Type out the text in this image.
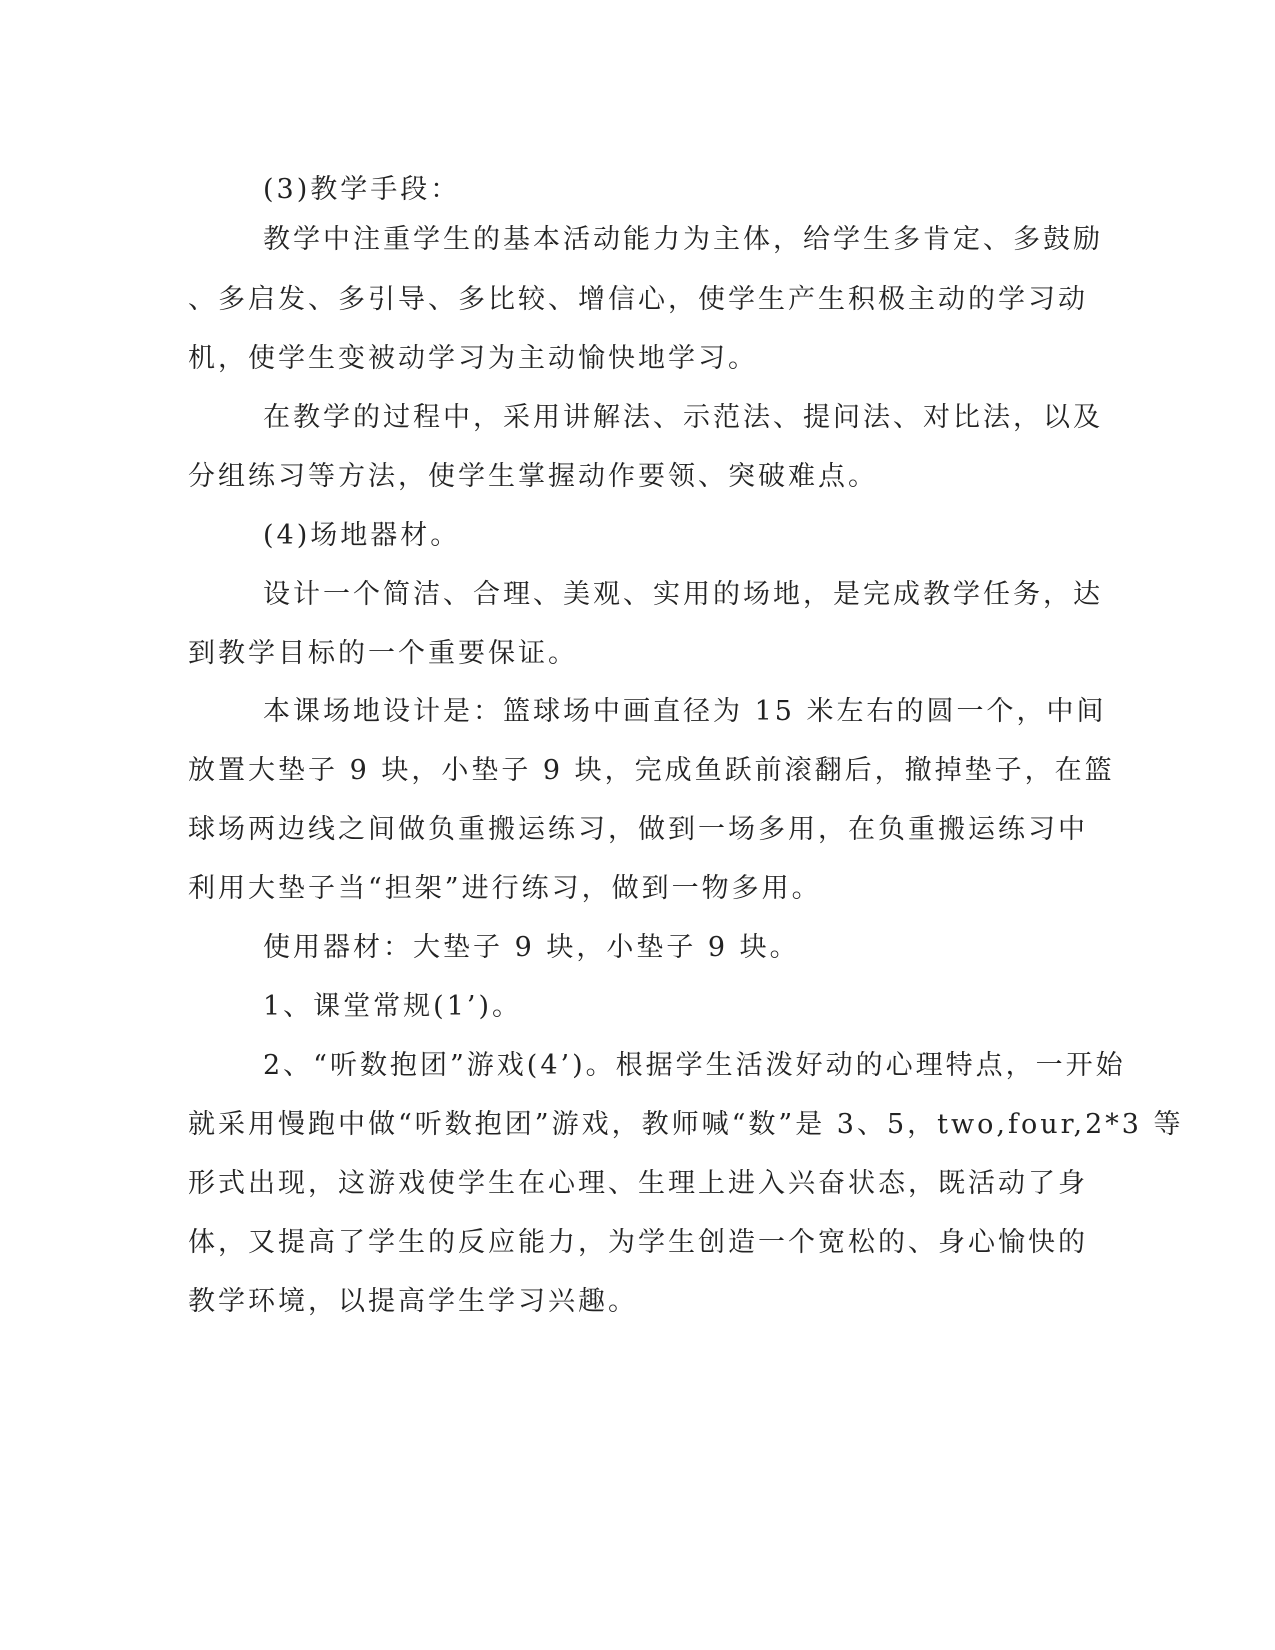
(3)教学手段：
教学中注重学生的基本活动能力为主体，给学生多肯定、多鼓励
、多启发、多引导、多比较、增信心，使学生产生积极主动的学习动
机，使学生变被动学习为主动愉快地学习。
在教学的过程中，采用讲解法、示范法、提问法、对比法，以及
分组练习等方法，使学生掌握动作要领、突破难点。
(4)场地器材。
设计一个简洁、合理、美观、实用的场地，是完成教学任务，达
到教学目标的一个重要保证。
本课场地设计是：篮球场中画直径为 15 米左右的圆一个，中间
放置大垫子 9 块，小垫子 9 块，完成鱼跃前滚翻后，撤掉垫子，在篮
球场两边线之间做负重搬运练习，做到一场多用，在负重搬运练习中
利用大垫子当“担架”进行练习，做到一物多用。
使用器材：大垫子 9 块，小垫子 9 块。
1、课堂常规(1’)。
2、“听数抱团”游戏(4’)。根据学生活泼好动的心理特点，一开始
就采用慢跑中做“听数抱团”游戏，教师喊“数”是 3、5，two,four,2*3 等
形式出现，这游戏使学生在心理、生理上进入兴奋状态，既活动了身
体，又提高了学生的反应能力，为学生创造一个宽松的、身心愉快的
教学环境，以提高学生学习兴趣。
